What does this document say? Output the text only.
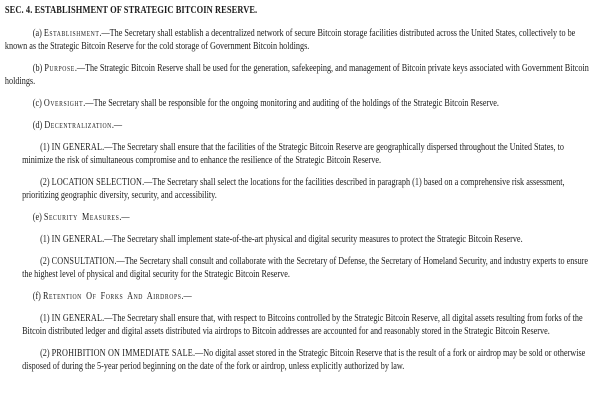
SEC. 4. ESTABLISHMENT OF STRATEGIC BITCOIN RESERVE.

(a) Establishment.—The Secretary shall establish a decentralized network of secure Bitcoin storage facilities distributed across the United States, collectively to be known as the Strategic Bitcoin Reserve for the cold storage of Government Bitcoin holdings.

(b) Purpose.—The Strategic Bitcoin Reserve shall be used for the generation, safekeeping, and management of Bitcoin private keys associated with Government Bitcoin holdings.

(c) Oversight.—The Secretary shall be responsible for the ongoing monitoring and auditing of the holdings of the Strategic Bitcoin Reserve.

(d) Decentralization.—

(1) IN GENERAL.—The Secretary shall ensure that the facilities of the Strategic Bitcoin Reserve are geographically dispersed throughout the United States, to minimize the risk of simultaneous compromise and to enhance the resilience of the Strategic Bitcoin Reserve.

(2) LOCATION SELECTION.—The Secretary shall select the locations for the facilities described in paragraph (1) based on a comprehensive risk assessment, prioritizing geographic diversity, security, and accessibility.

(e) Security Measures.—

(1) IN GENERAL.—The Secretary shall implement state-of-the-art physical and digital security measures to protect the Strategic Bitcoin Reserve.

(2) CONSULTATION.—The Secretary shall consult and collaborate with the Secretary of Defense, the Secretary of Homeland Security, and industry experts to ensure the highest level of physical and digital security for the Strategic Bitcoin Reserve.

(f) Retention Of Forks And Airdrops.—

(1) IN GENERAL.—The Secretary shall ensure that, with respect to Bitcoins controlled by the Strategic Bitcoin Reserve, all digital assets resulting from forks of the Bitcoin distributed ledger and digital assets distributed via airdrops to Bitcoin addresses are accounted for and reasonably stored in the Strategic Bitcoin Reserve.

(2) PROHIBITION ON IMMEDIATE SALE.—No digital asset stored in the Strategic Bitcoin Reserve that is the result of a fork or airdrop may be sold or otherwise disposed of during the 5-year period beginning on the date of the fork or airdrop, unless explicitly authorized by law.
